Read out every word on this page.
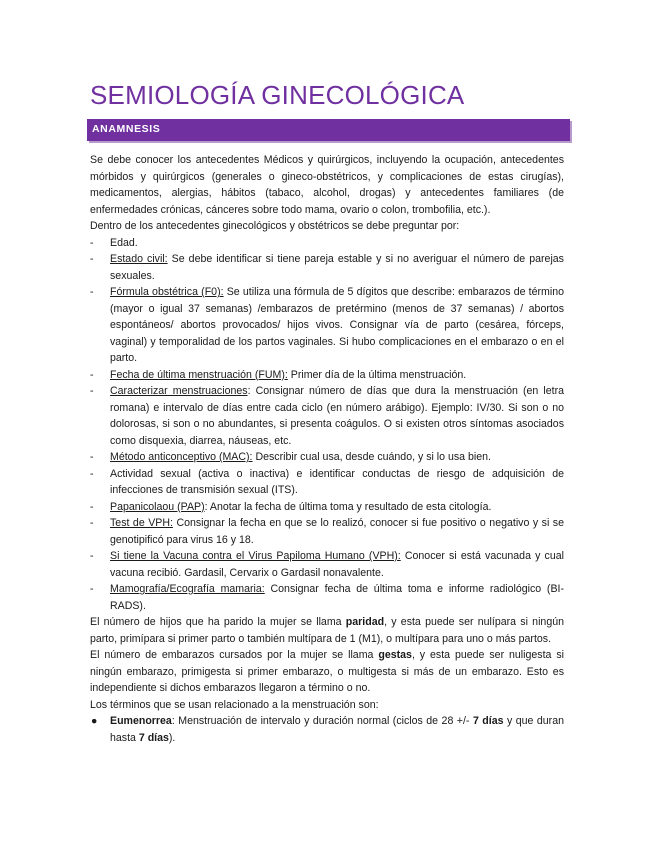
SEMIOLOGÍA GINECOLÓGICA
ANAMNESIS

Se debe conocer los antecedentes Médicos y quirúrgicos, incluyendo la ocupación, antecedentes mórbidos y quirúrgicos (generales o gineco-obstétricos, y complicaciones de estas cirugías), medicamentos, alergias, hábitos (tabaco, alcohol, drogas) y antecedentes familiares (de enfermedades crónicas, cánceres sobre todo mama, ovario o colon, trombofilia, etc.).

Dentro de los antecedentes ginecológicos y obstétricos se debe preguntar por:

- Edad.
- Estado civil: Se debe identificar si tiene pareja estable y si no averiguar el número de parejas sexuales.
- Fórmula obstétrica (F0): Se utiliza una fórmula de 5 dígitos que describe: embarazos de término (mayor o igual 37 semanas) /embarazos de pretérmino (menos de 37 semanas) / abortos espontáneos/ abortos provocados/ hijos vivos. Consignar vía de parto (cesárea, fórceps, vaginal) y temporalidad de los partos vaginales. Si hubo complicaciones en el embarazo o en el parto.
- Fecha de última menstruación (FUM): Primer día de la última menstruación.
- Caracterizar menstruaciones: Consignar número de días que dura la menstruación (en letra romana) e intervalo de días entre cada ciclo (en número arábigo). Ejemplo: IV/30. Si son o no dolorosas, si son o no abundantes, si presenta coágulos. O si existen otros síntomas asociados como disquexia, diarrea, náuseas, etc.
- Método anticonceptivo (MAC): Describir cual usa, desde cuándo, y si lo usa bien.
- Actividad sexual (activa o inactiva) e identificar conductas de riesgo de adquisición de infecciones de transmisión sexual (ITS).
- Papanicolaou (PAP): Anotar la fecha de última toma y resultado de esta citología.
- Test de VPH: Consignar la fecha en que se lo realizó, conocer si fue positivo o negativo y si se genotipificó para virus 16 y 18.
- Si tiene la Vacuna contra el Virus Papiloma Humano (VPH): Conocer si está vacunada y cual vacuna recibió. Gardasil, Cervarix o Gardasil nonavalente.
- Mamografía/Ecografía mamaria: Consignar fecha de última toma e informe radiológico (BI-RADS).

El número de hijos que ha parido la mujer se llama paridad, y esta puede ser nulípara si ningún parto, primípara si primer parto o también multípara de 1 (M1), o multípara para uno o más partos.

El número de embarazos cursados por la mujer se llama gestas, y esta puede ser nuligesta si ningún embarazo, primigesta si primer embarazo, o multigesta si más de un embarazo. Esto es independiente si dichos embarazos llegaron a término o no.

Los términos que se usan relacionado a la menstruación son:

● Eumenorrea: Menstruación de intervalo y duración normal (ciclos de 28 +/- 7 días y que duran hasta 7 días).
